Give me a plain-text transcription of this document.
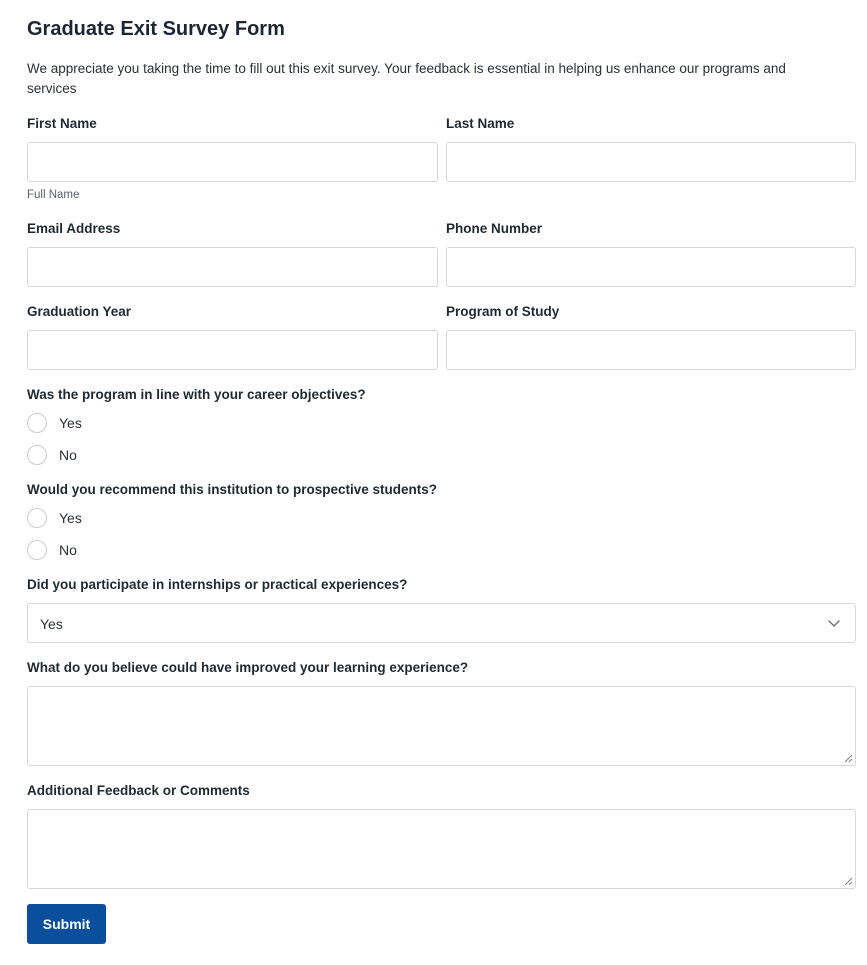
Graduate Exit Survey Form

We appreciate you taking the time to fill out this exit survey. Your feedback is essential in helping us enhance our programs and services

First Name
Full Name
Last Name
Email Address	Phone Number
Graduation Year	Program of Study
Was the program in line with your career objectives?
Yes
No
Would you recommend this institution to prospective students?
Yes
No
Did you participate in internships or practical experiences?
Yes
What do you believe could have improved your learning experience?
Additional Feedback or Comments
Submit
